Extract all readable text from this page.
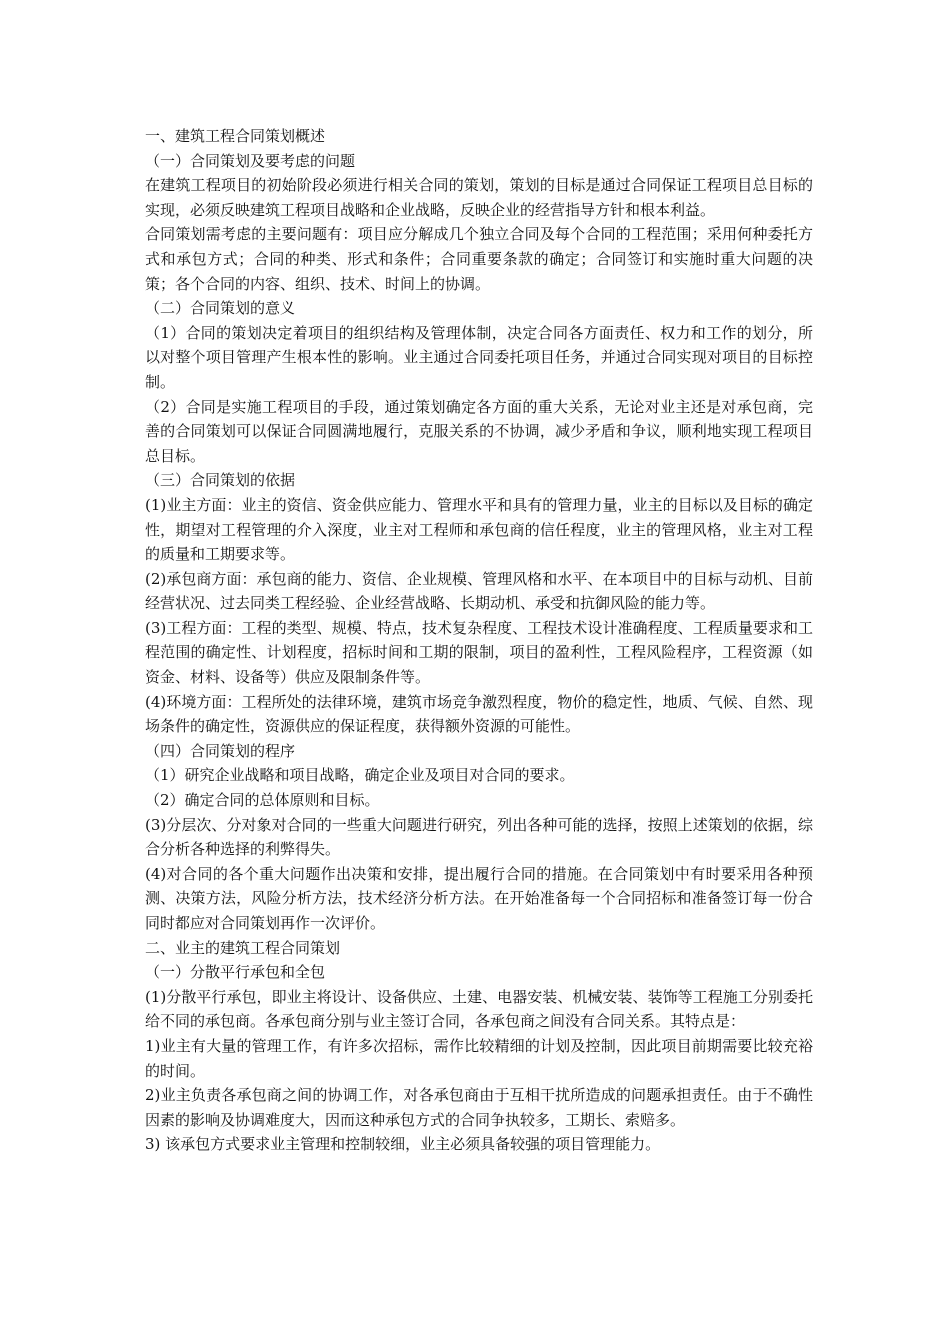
一、建筑工程合同策划概述

（一）合同策划及要考虑的问题

在建筑工程项目的初始阶段必须进行相关合同的策划，策划的目标是通过合同保证工程项目总目标的实现，必须反映建筑工程项目战略和企业战略，反映企业的经营指导方针和根本利益。

合同策划需考虑的主要问题有：项目应分解成几个独立合同及每个合同的工程范围；采用何种委托方式和承包方式；合同的种类、形式和条件；合同重要条款的确定；合同签订和实施时重大问题的决策；各个合同的内容、组织、技术、时间上的协调。

（二）合同策划的意义

（1）合同的策划决定着项目的组织结构及管理体制，决定合同各方面责任、权力和工作的划分，所以对整个项目管理产生根本性的影响。业主通过合同委托项目任务，并通过合同实现对项目的目标控制。

（2）合同是实施工程项目的手段，通过策划确定各方面的重大关系，无论对业主还是对承包商，完善的合同策划可以保证合同圆满地履行，克服关系的不协调，减少矛盾和争议，顺利地实现工程项目总目标。

（三）合同策划的依据

(1)业主方面：业主的资信、资金供应能力、管理水平和具有的管理力量，业主的目标以及目标的确定性，期望对工程管理的介入深度，业主对工程师和承包商的信任程度，业主的管理风格，业主对工程的质量和工期要求等。

(2)承包商方面：承包商的能力、资信、企业规模、管理风格和水平、在本项目中的目标与动机、目前经营状况、过去同类工程经验、企业经营战略、长期动机、承受和抗御风险的能力等。

(3)工程方面：工程的类型、规模、特点，技术复杂程度、工程技术设计准确程度、工程质量要求和工程范围的确定性、计划程度，招标时间和工期的限制，项目的盈利性，工程风险程序，工程资源（如资金、材料、设备等）供应及限制条件等。

(4)环境方面：工程所处的法律环境，建筑市场竞争激烈程度，物价的稳定性，地质、气候、自然、现场条件的确定性，资源供应的保证程度，获得额外资源的可能性。

（四）合同策划的程序

（1）研究企业战略和项目战略，确定企业及项目对合同的要求。

（2）确定合同的总体原则和目标。

(3)分层次、分对象对合同的一些重大问题进行研究，列出各种可能的选择，按照上述策划的依据，综合分析各种选择的利弊得失。

(4)对合同的各个重大问题作出决策和安排，提出履行合同的措施。在合同策划中有时要采用各种预测、决策方法，风险分析方法，技术经济分析方法。在开始准备每一个合同招标和准备签订每一份合同时都应对合同策划再作一次评价。

二、业主的建筑工程合同策划

（一）分散平行承包和全包

(1)分散平行承包，即业主将设计、设备供应、土建、电器安装、机械安装、装饰等工程施工分别委托给不同的承包商。各承包商分别与业主签订合同，各承包商之间没有合同关系。其特点是：

1)业主有大量的管理工作，有许多次招标，需作比较精细的计划及控制，因此项目前期需要比较充裕的时间。

2)业主负责各承包商之间的协调工作，对各承包商由于互相干扰所造成的问题承担责任。由于不确性因素的影响及协调难度大，因而这种承包方式的合同争执较多，工期长、索赔多。

3) 该承包方式要求业主管理和控制较细，业主必须具备较强的项目管理能力。
